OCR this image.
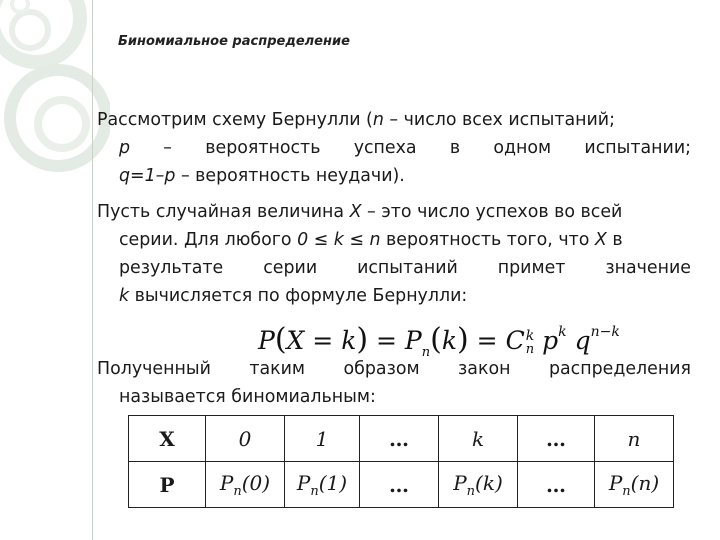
Биномиальное распределение
Рассмотрим схему Бернулли (n – число всех испытаний;
p – вероятность успеха в одном испытании;
q=1–p – вероятность неудачи).
Пусть случайная величина X – это число успехов во всей
серии. Для любого 0 ≤ k ≤ n вероятность того, что X в
результате серии испытаний примет значение
k вычисляется по формуле Бернулли:
$P(X = k) = P_n(k) = C$ k
n $p^k$ $q^{n-k}$
Полученный таким образом закон распределения
называется биномиальным:
X	0	1	…	k	…	n
P	$P_n(0)$	$P_n(1)$	…	$P_n(k)$	…	$P_n(n)$
